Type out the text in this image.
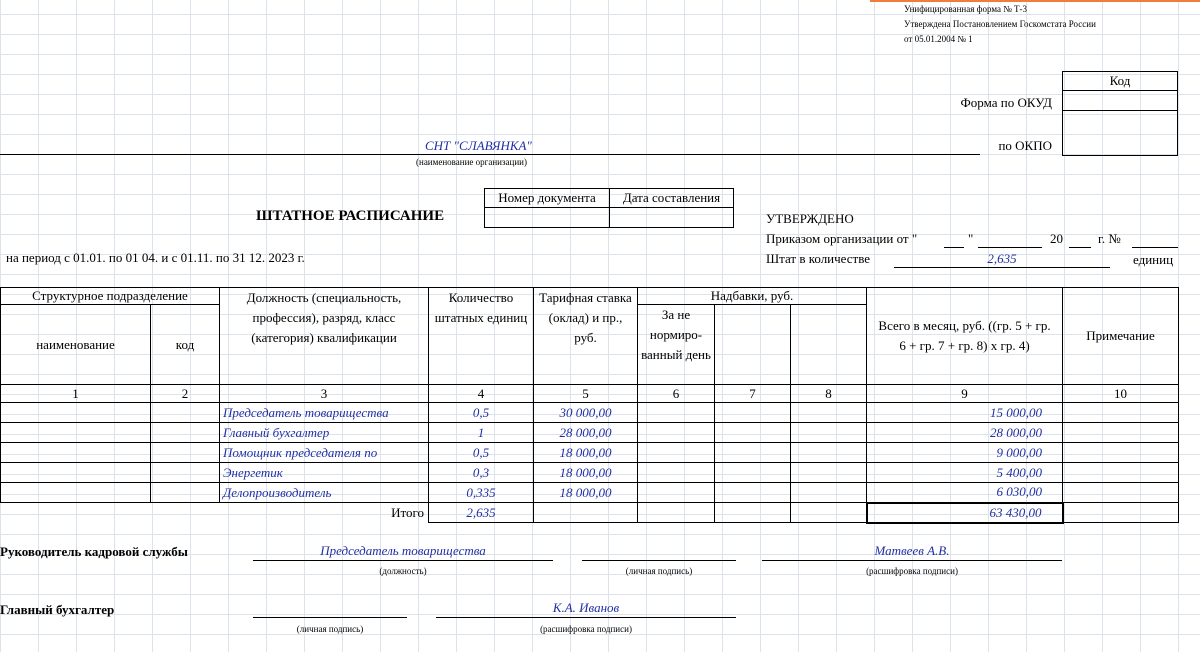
Унифицированная форма № Т-3
Утверждена Постановлением Госкомстата России
от 05.01.2004 № 1
Код

Форма по ОКУД
по ОКПО
СНТ "СЛАВЯНКА"
(наименование организации)
Номер документа	Дата составления

ШТАТНОЕ РАСПИСАНИЕ
на период с 01.01. по 01 04. и с 01.11. по 31 12. 2023 г.
УТВЕРЖДЕНО
Приказом организации от "	"	20	г. №
Штат в количестве	2,635	единиц
Структурное подразделение		Должность (специальность, профессия), разряд, класс (категория) квалификации	Количество штатных единиц	Тарифная ставка (оклад) и пр., руб.	Надбавки, руб.			Всего в месяц, руб. ((гр. 5 + гр. 6 + гр. 7 + гр. 8) х гр. 4)	Примечание
наименование	код				За не нормиро- ванный день				

1	2	3	4	5	6	7	8	9	10
		Председатель товарищества	0,5	30 000,00				15 000,00	
		Главный бухгалтер	1	28 000,00				28 000,00	
		Помощник председателя по	0,5	18 000,00				9 000,00	
		Энергетик	0,3	18 000,00				5 400,00	
		Делопроизводитель	0,335	18 000,00				6 030,00	
Итого			2,635					63 430,00	
Руководитель кадровой службы	Председатель товарищества	Матвеев А.В.
(должность)	(личная подпись)	(расшифровка подписи)
Главный бухгалтер	К.А. Иванов
(личная подпись)	(расшифровка подписи)
